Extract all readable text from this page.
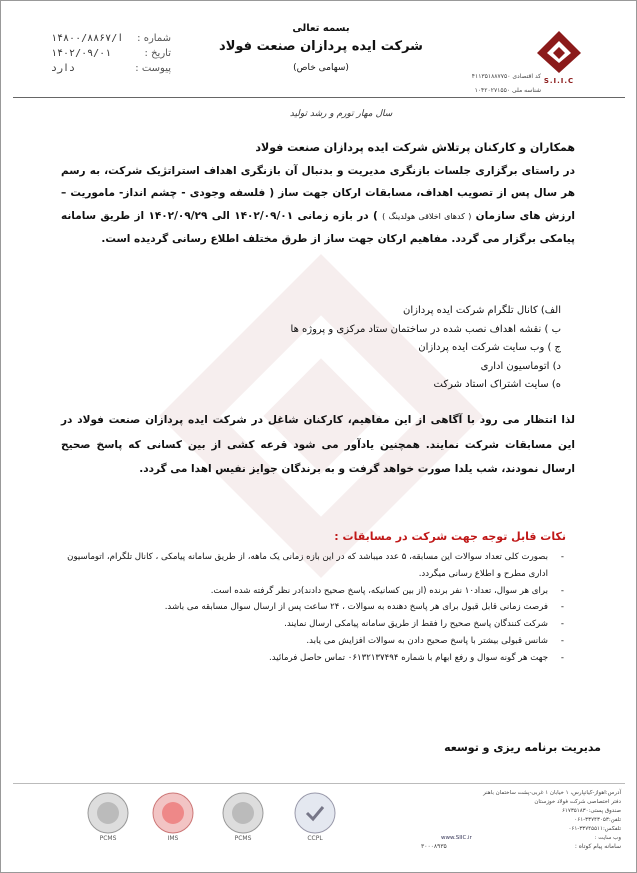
بسمه تعالی
شرکت ایده پردازان صنعت فولاد
(سهامی خاص)
شماره :
ا/۱۴۸۰۰/۸۸۶۷
تاریخ :
۱۴۰۲/۰۹/۰۱
پیوست :
دارد
S.I.I.C
کد اقتصادی ۴۱۱۳۵۱۸۸۷۷۵۰
شناسه ملی ۱۰۴۲۰۲۷۱۵۵۰
سال مهار تورم و رشد تولید

همکاران و کارکنان پرتلاش شرکت ایده پردازان صنعت فولاد

در راستای برگزاری جلسات بازنگری مدیریت و بدنبال آن بازنگری اهداف استراتژیک شرکت، به رسم هر سال پس از تصویب اهداف، مسابقات ارکان جهت ساز ( فلسفه وجودی - چشم انداز- ماموریت – ارزش های سازمان ( کدهای اخلاقی هولدینگ ) ) در بازه زمانی ۱۴۰۲/۰۹/۰۱ الی ۱۴۰۲/۰۹/۲۹ از طریق سامانه پیامکی برگزار می گردد. مفاهیم ارکان جهت ساز از طرق مختلف اطلاع رسانی گردیده است.

الف) کانال تلگرام شرکت ایده پردازان
ب ) نقشه اهداف نصب شده در ساختمان ستاد مرکزی و پروژه ها
ج ) وب سایت شرکت ایده پردازان
د) اتوماسیون اداری
ه) سایت اشتراک استاد شرکت
لذا انتظار می رود با آگاهی از این مفاهیم، کارکنان شاغل در شرکت ایده پردازان صنعت فولاد در این مسابقات شرکت نمایند. همچنین یادآور می شود قرعه کشی از بین کسانی که پاسخ صحیح ارسال نمودند، شب یلدا صورت خواهد گرفت و به برندگان جوایز نفیس اهدا می گردد.
نکات قابل توجه جهت شرکت در مسابقات :
- بصورت کلی تعداد سوالات این مسابقه، ۵ عدد میباشد که در این بازه زمانی یک ماهه، از طریق سامانه پیامکی ، کانال تلگرام، اتوماسیون اداری مطرح و اطلاع رسانی میگردد.
- برای هر سوال، تعداد۱۰ نفر برنده (از بین کسانیکه، پاسخ صحیح دادند)در نظر گرفته شده است.
- فرصت زمانی قابل قبول برای هر پاسخ دهنده به سوالات ، ۲۴ ساعت پس از ارسال سوال مسابقه می باشد.
- شرکت کنندگان پاسخ صحیح را فقط از طریق سامانه پیامکی ارسال نمایند.
- شانس قبولی بیشتر با پاسخ صحیح دادن به سوالات افزایش می یابد.
- جهت هر گونه سوال و رفع ابهام با شماره ۰۶۱۳۲۱۳۷۴۹۴ تماس حاصل فرمائید.
مدیریت برنامه ریزی و توسعه
آدرس:اهواز-کیانپارس، ۱ خیابان ۱ غربی-پشت ساختمان باهنر
دفتر اختصاصی شرکت فولاد خوزستان
صندوق پستی:۶۱۷۳۵۱۸۳۰
تلفن:۳۳۷۴۳۰۵۳-۰۶۱
تلفکس:۳۳۷۴۵۵۱۱-۰۶۱
وب سایت :
www.SIIC.ir
سامانه پیام کوتاه :
۳۰۰۰۸۹۳۵
PCMS	IMS	PCMS	CCPL
